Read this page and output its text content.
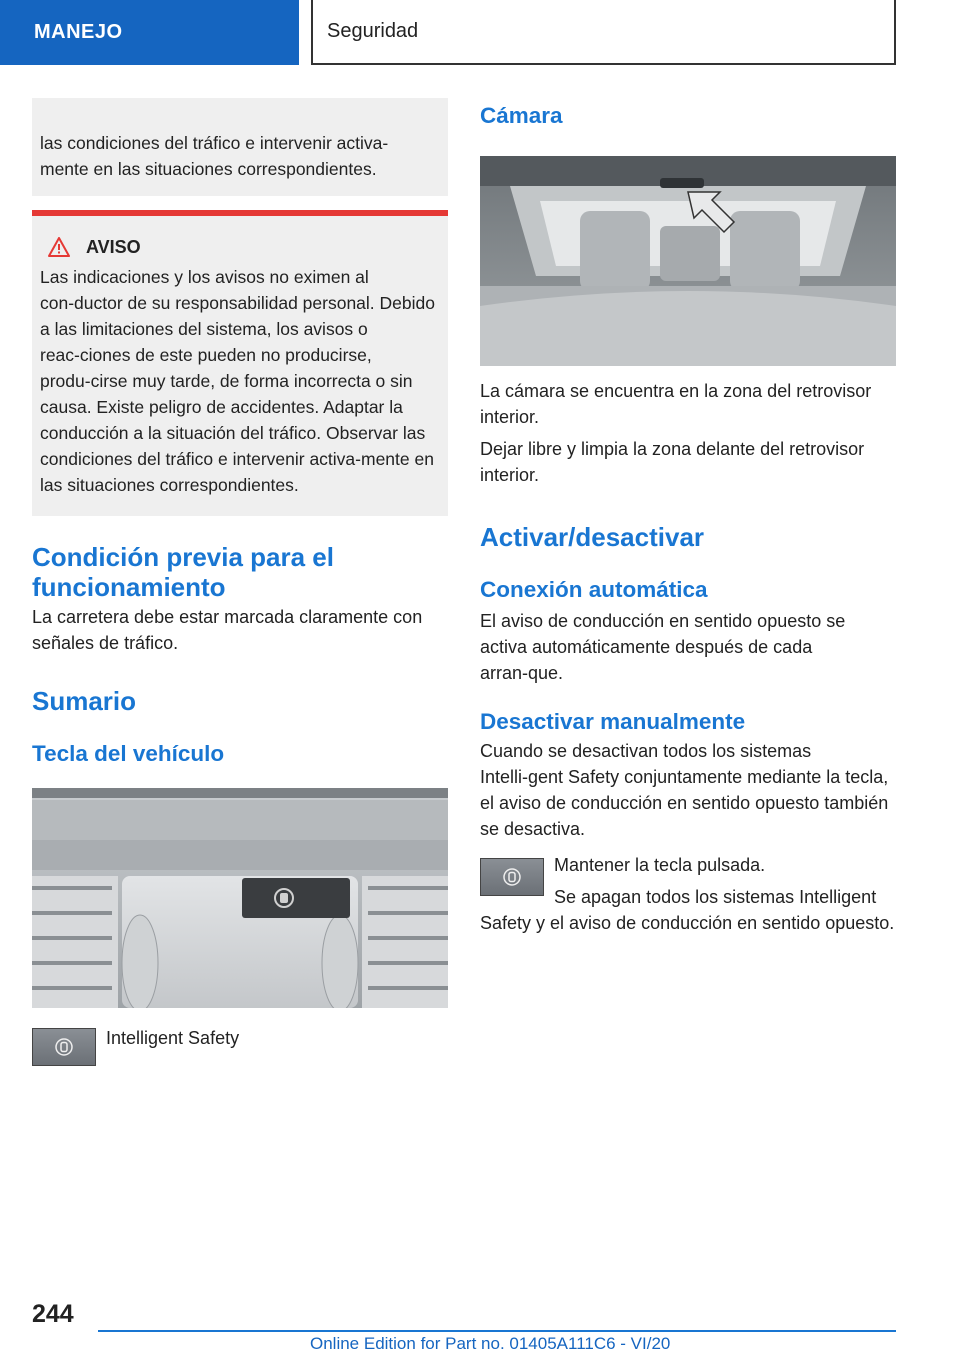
MANEJO	Seguridad

las condiciones del tráfico e intervenir activa‑
mente en las situaciones correspondientes.

AVISO
Las indicaciones y los avisos no eximen al con‑ductor de su responsabilidad personal. Debido a las limitaciones del sistema, los avisos o reac‑ciones de este pueden no producirse, produ‑cirse muy tarde, de forma incorrecta o sin causa. Existe peligro de accidentes. Adaptar la conducción a la situación del tráfico. Observar las condiciones del tráfico e intervenir activa‑mente en las situaciones correspondientes.
Condición previa para el funcionamiento

La carretera debe estar marcada claramente con señales de tráfico.

Sumario
Tecla del vehículo

Intelligent Safety

Cámara

La cámara se encuentra en la zona del retrovisor interior.

Dejar libre y limpia la zona delante del retrovisor interior.

Activar/desactivar
Conexión automática

El aviso de conducción en sentido opuesto se activa automáticamente después de cada arran‑que.

Desactivar manualmente

Cuando se desactivan todos los sistemas Intelli‑gent Safety conjuntamente mediante la tecla, el aviso de conducción en sentido opuesto también se desactiva.

Mantener la tecla pulsada.

Se apagan todos los sistemas Intelligent Safety y el aviso de conducción en sentido opuesto.

244
Online Edition for Part no. 01405A111C6 - VI/20
